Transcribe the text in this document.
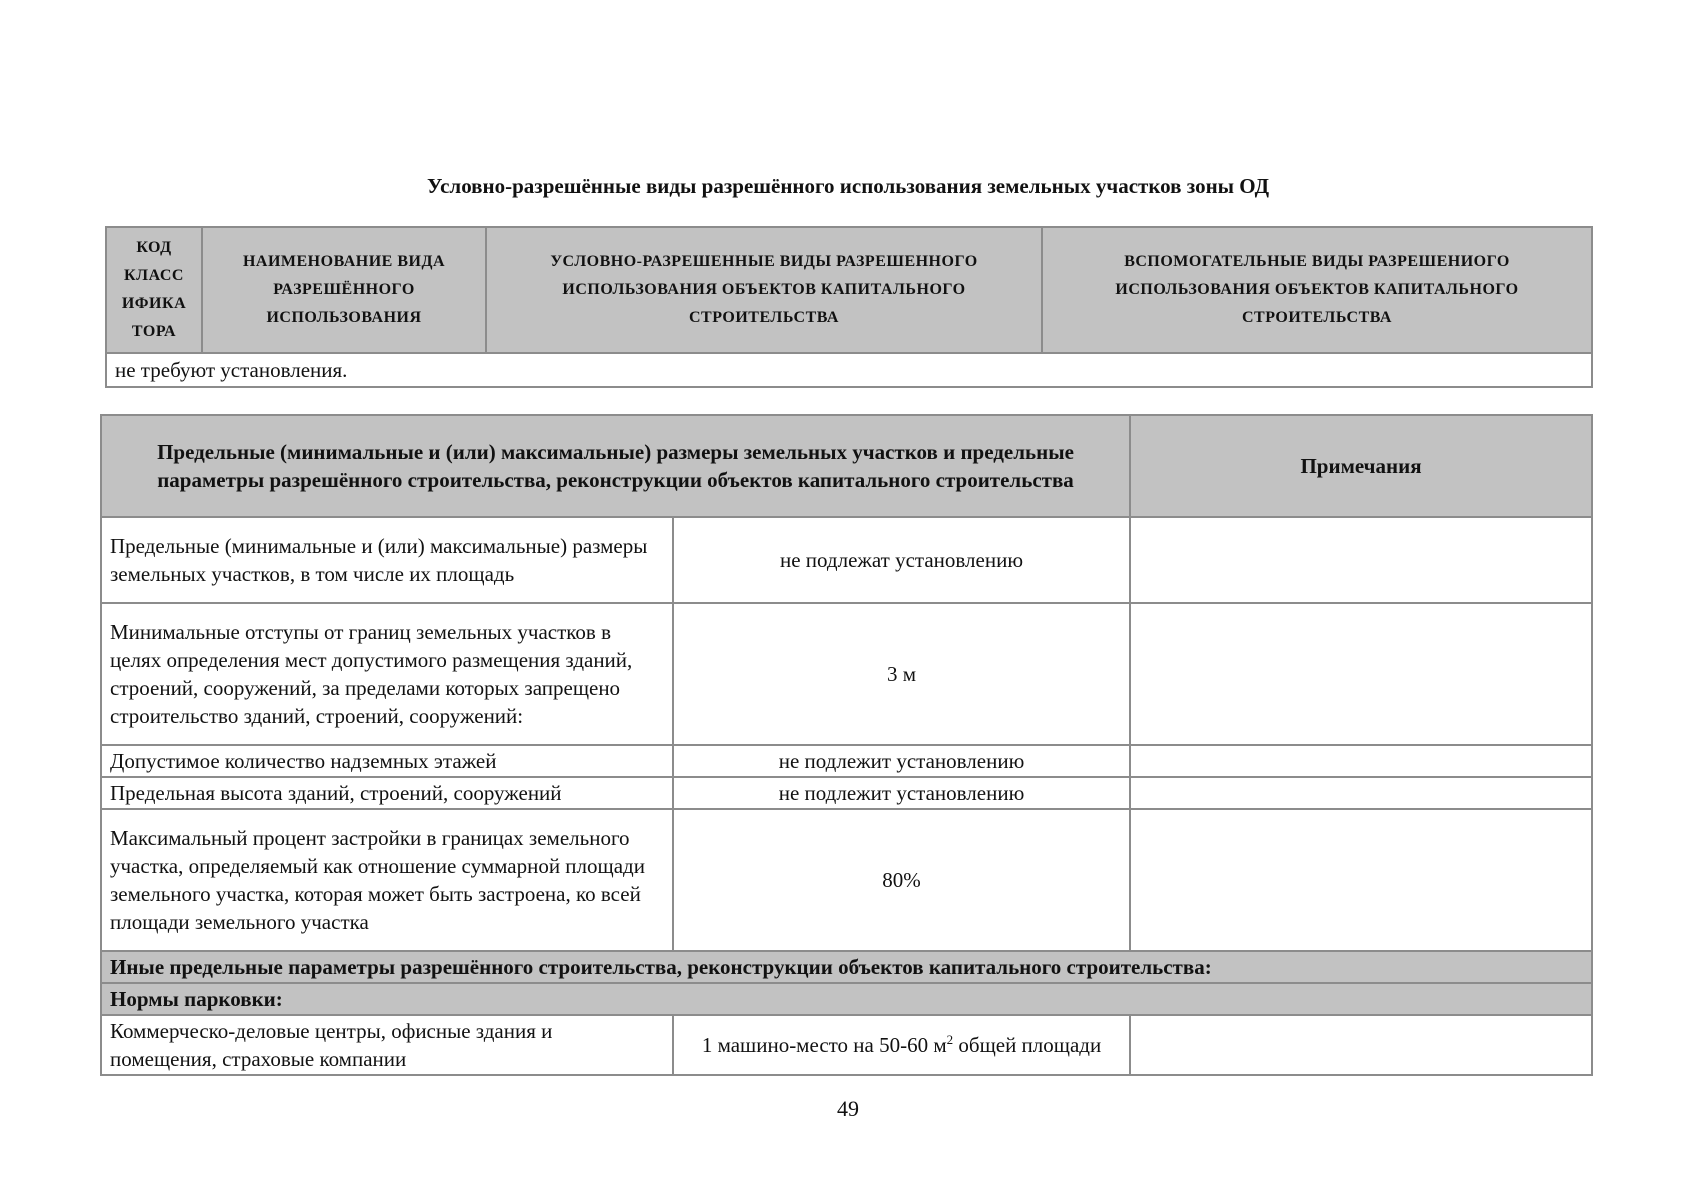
Условно-разрешённые виды разрешённого использования земельных участков зоны ОД
КОД КЛАСС ИФИКА ТОРА	НАИМЕНОВАНИЕ ВИДА РАЗРЕШЁННОГО ИСПОЛЬЗОВАНИЯ	УСЛОВНО-РАЗРЕШЕННЫЕ ВИДЫ РАЗРЕШЕННОГО ИСПОЛЬЗОВАНИЯ ОБЪЕКТОВ КАПИТАЛЬНОГО СТРОИТЕЛЬСТВА	ВСПОМОГАТЕЛЬНЫЕ ВИДЫ РАЗРЕШЕНИОГО ИСПОЛЬЗОВАНИЯ ОБЪЕКТОВ КАПИТАЛЬНОГО СТРОИТЕЛЬСТВА
не требуют установления.
Предельные (минимальные и (или) максимальные) размеры земельных участков и предельные параметры разрешённого строительства, реконструкции объектов капитального строительства		Примечания
Предельные (минимальные и (или) максимальные) размеры земельных участков, в том числе их площадь	не подлежат установлению	
Минимальные отступы от границ земельных участков в целях определения мест допустимого размещения зданий, строений, сооружений, за пределами которых запрещено строительство зданий, строений, сооружений:	3 м	
Допустимое количество надземных этажей	не подлежит установлению	
Предельная высота зданий, строений, сооружений	не подлежит установлению	
Максимальный процент застройки в границах земельного участка, определяемый как отношение суммарной площади земельного участка, которая может быть застроена, ко всей площади земельного участка	80%	
Иные предельные параметры разрешённого строительства, реконструкции объектов капитального строительства:		
Нормы парковки:		
Коммерческо-деловые центры, офисные здания и помещения, страховые компании	1 машино-место на 50-60 $м^2$ общей площади	
49
